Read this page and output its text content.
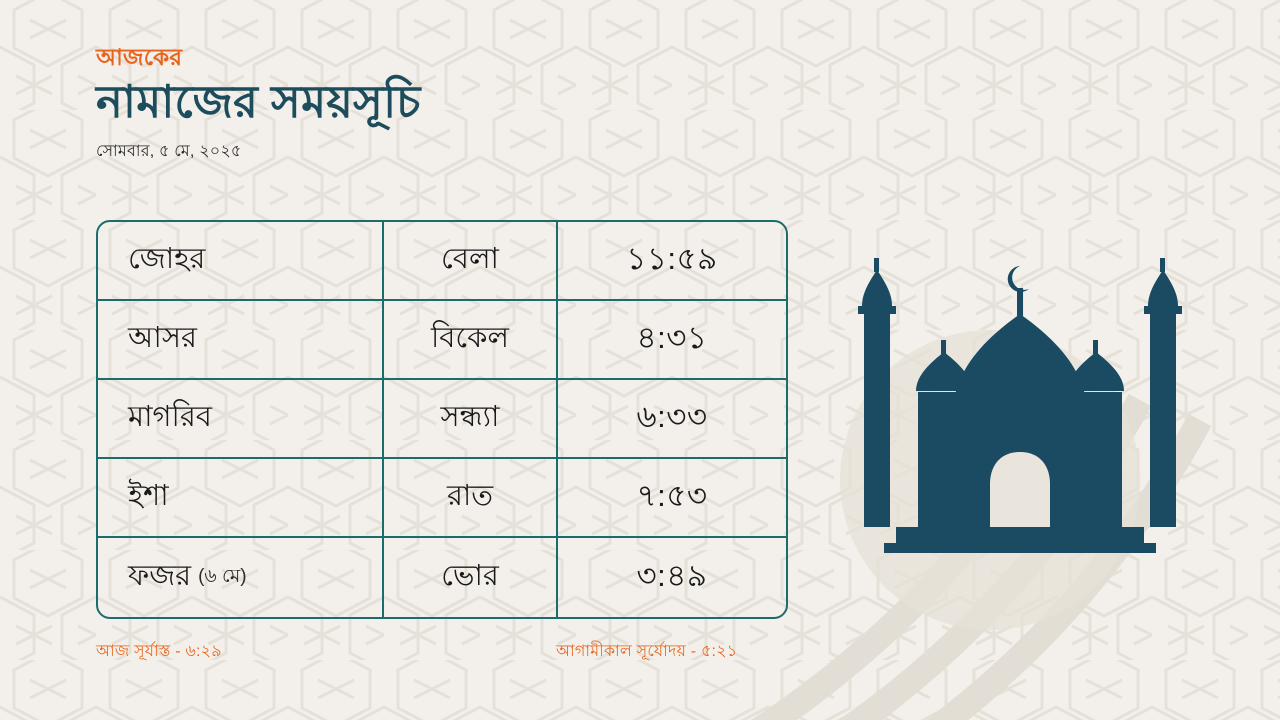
আজকের
নামাজের সময়সূচি
সোমবার, ৫ মে, ২০২৫
জোহর	বেলা	১১:৫৯
আসর	বিকেল	৪:৩১
মাগরিব	সন্ধ্যা	৬:৩৩
ইশা	রাত	৭:৫৩
ফজর (৬ মে)	ভোর	৩:৪৯
আজ সূর্যাস্ত - ৬:২৯	আগামীকাল সূর্যোদয় - ৫:২১
